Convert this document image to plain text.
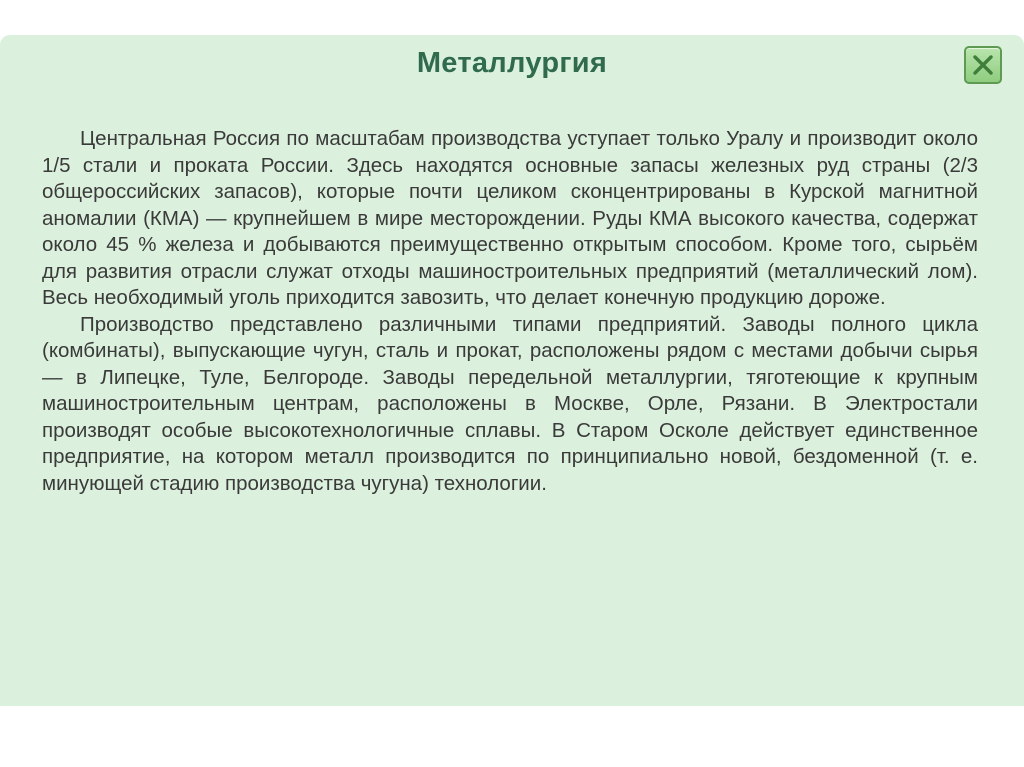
Металлургия

Центральная Россия по масштабам производства уступает только Уралу и производит около 1/5 стали и проката России. Здесь находятся основные запасы железных руд страны (2/3 общероссийских запасов), которые почти целиком сконцентрированы в Курской магнитной аномалии (КМА) — крупнейшем в мире месторождении. Руды КМА высокого качества, содержат около 45 % железа и добываются преимущественно открытым способом. Кроме того, сырьём для развития отрасли служат отходы машиностроительных предприятий (металлический лом). Весь необходимый уголь приходится завозить, что делает конечную продукцию дороже.

Производство представлено различными типами предприятий. Заводы полного цикла (комбинаты), выпускающие чугун, сталь и прокат, расположены рядом с местами добычи сырья — в Липецке, Туле, Белгороде. Заводы передельной металлургии, тяготеющие к крупным машиностроительным центрам, расположены в Москве, Орле, Рязани. В Электростали производят особые высокотехнологичные сплавы. В Старом Осколе действует единственное предприятие, на котором металл производится по принципиально новой, бездоменной (т. е. минующей стадию производства чугуна) технологии.
